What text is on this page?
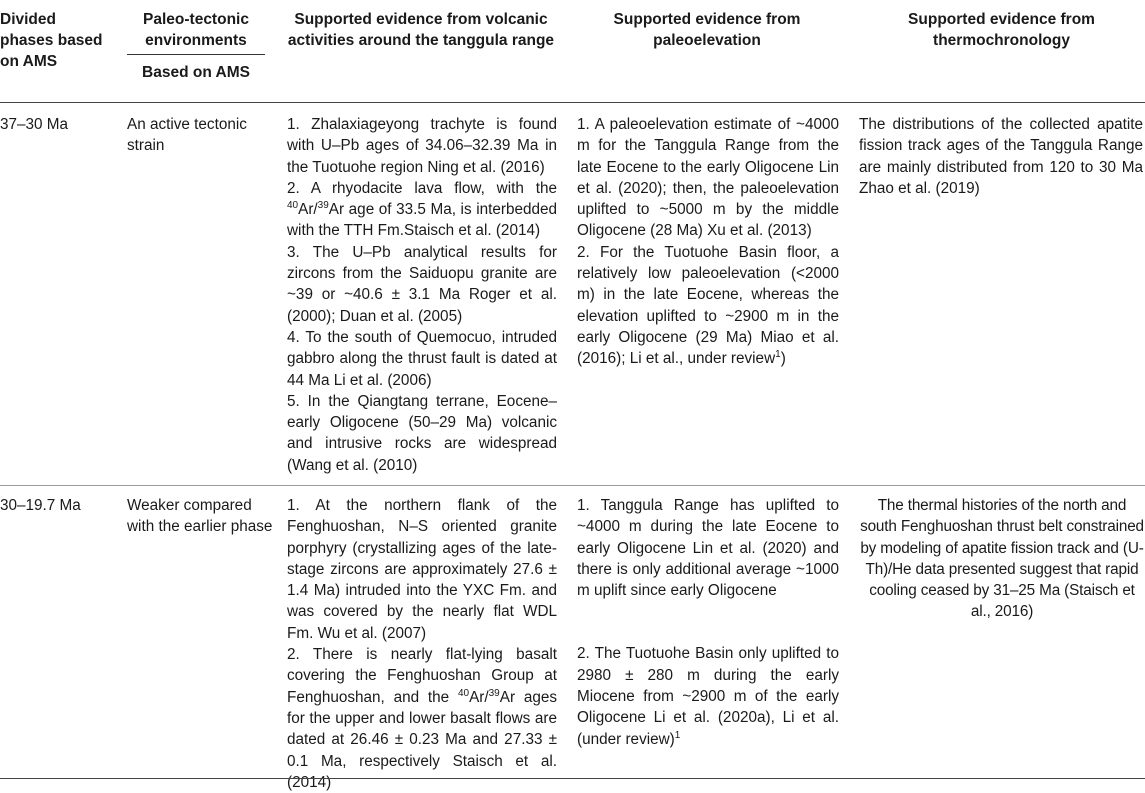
Divided phases based on AMS
Paleo-tectonic environments
Based on AMS
Supported evidence from volcanic activities around the tanggula range
Supported evidence from paleoelevation
Supported evidence from thermochronology
37–30 Ma	An active tectonic strain

1. Zhalaxiageyong trachyte is found with U–Pb ages of 34.06–32.39 Ma in the Tuotuohe region Ning et al. (2016)

2. A rhyodacite lava flow, with the $^{40}$Ar/$^{39}$Ar age of 33.5 Ma, is interbedded with the TTH Fm.Staisch et al. (2014)

3. The U–Pb analytical results for zircons from the Saiduopu granite are ~39 or ~40.6 ± 3.1 Ma Roger et al. (2000); Duan et al. (2005)

4. To the south of Quemocuo, intruded gabbro along the thrust fault is dated at 44 Ma Li et al. (2006)

5. In the Qiangtang terrane, Eocene–early Oligocene (50–29 Ma) volcanic and intrusive rocks are widespread (Wang et al. (2010)

1. A paleoelevation estimate of ~4000 m for the Tanggula Range from the late Eocene to the early Oligocene Lin et al. (2020); then, the paleoelevation uplifted to ~5000 m by the middle Oligocene (28 Ma) Xu et al. (2013)

2. For the Tuotuohe Basin floor, a relatively low paleoelevation (<2000 m) in the late Eocene, whereas the elevation uplifted to ~2900 m in the early Oligocene (29 Ma) Miao et al. (2016); Li et al., under review$^1$)

The distributions of the collected apatite fission track ages of the Tanggula Range are mainly distributed from 120 to 30 Ma Zhao et al. (2019)

30–19.7 Ma	Weaker compared with the earlier phase

1. At the northern flank of the Fenghuoshan, N–S oriented granite porphyry (crystallizing ages of the late-stage zircons are approximately 27.6 ± 1.4 Ma) intruded into the YXC Fm. and was covered by the nearly flat WDL Fm. Wu et al. (2007)

2. There is nearly flat-lying basalt covering the Fenghuoshan Group at Fenghuoshan, and the $^{40}$Ar/$^{39}$Ar ages for the upper and lower basalt flows are dated at 26.46 ± 0.23 Ma and 27.33 ± 0.1 Ma, respectively Staisch et al. (2014)

1. Tanggula Range has uplifted to ~4000 m during the late Eocene to early Oligocene Lin et al. (2020) and there is only additional average ~1000 m uplift since early Oligocene

2. The Tuotuohe Basin only uplifted to 2980 ± 280 m during the early Miocene from ~2900 m of the early Oligocene Li et al. (2020a), Li et al. (under review)$^1$

The thermal histories of the north and south Fenghuoshan thrust belt constrained by modeling of apatite fission track and (U-Th)/He data presented suggest that rapid cooling ceased by 31–25 Ma (Staisch et al., 2016)
